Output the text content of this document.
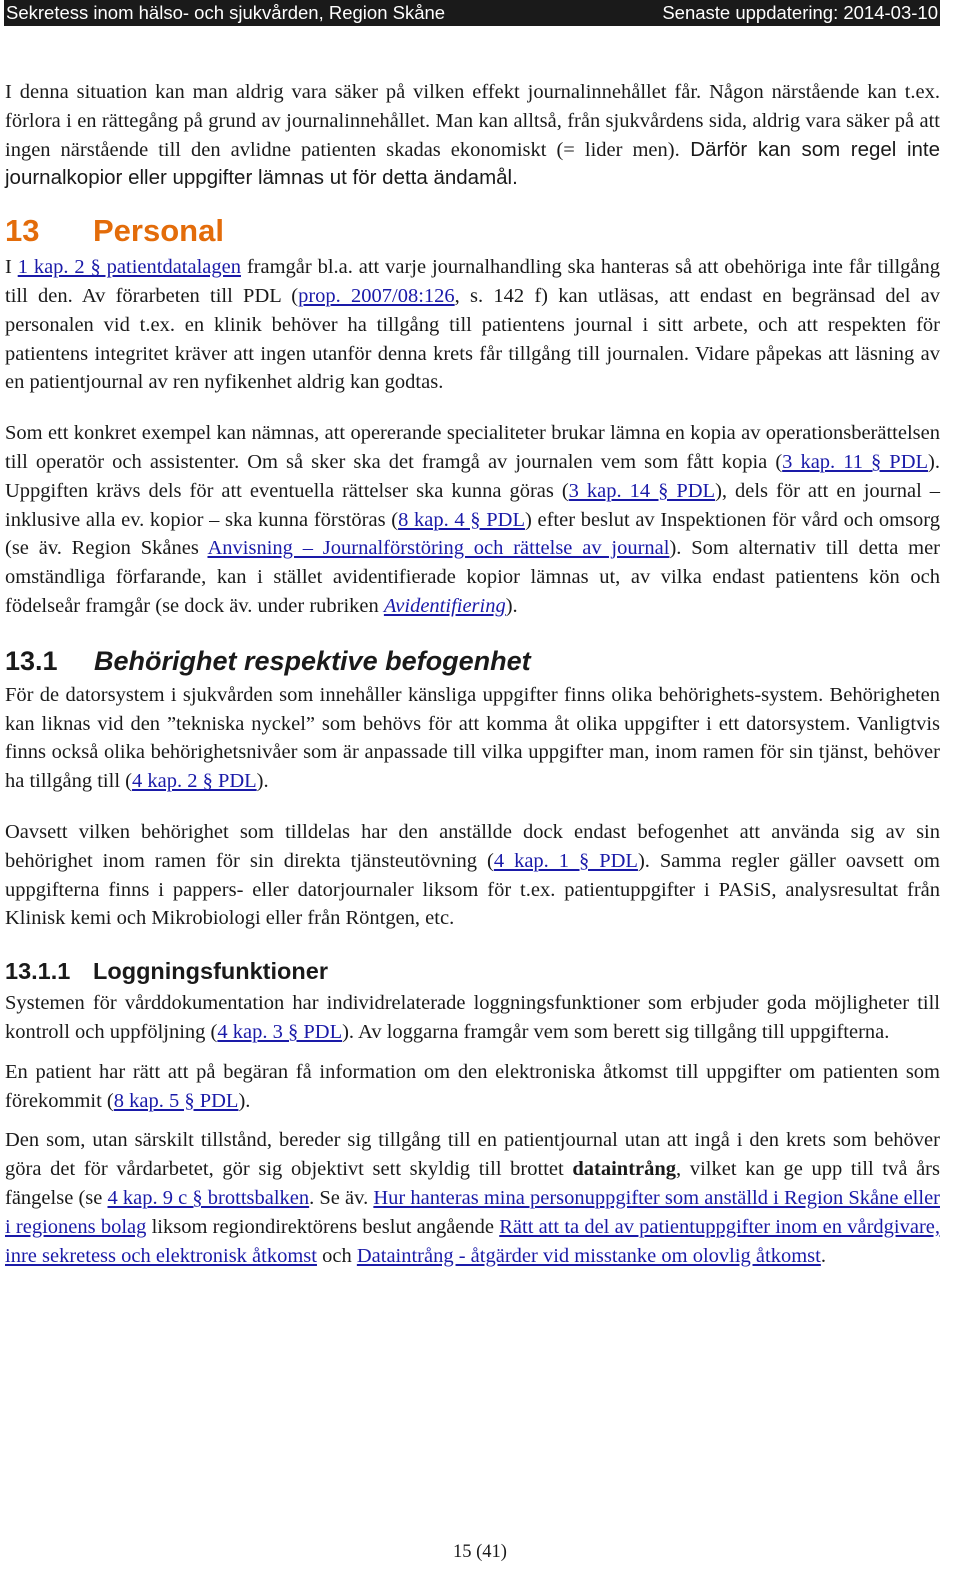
Sekretess inom hälso- och sjukvården, Region Skåne	Senaste uppdatering: 2014-03-10

I denna situation kan man aldrig vara säker på vilken effekt journalinnehållet får. Någon närstående kan t.ex. förlora i en rättegång på grund av journalinnehållet. Man kan alltså, från sjukvårdens sida, aldrig vara säker på att ingen närstående till den avlidne patienten skadas ekonomiskt (= lider men). Därför kan som regel inte journalkopior eller uppgifter lämnas ut för detta ändamål.

13 Personal

I 1 kap. 2 § patientdatalagen framgår bl.a. att varje journalhandling ska hanteras så att obehöriga inte får tillgång till den. Av förarbeten till PDL (prop. 2007/08:126, s. 142 f) kan utläsas, att endast en begränsad del av personalen vid t.ex. en klinik behöver ha tillgång till patientens journal i sitt arbete, och att respekten för patientens integritet kräver att ingen utanför denna krets får tillgång till journalen. Vidare påpekas att läsning av en patientjournal av ren nyfikenhet aldrig kan godtas.

Som ett konkret exempel kan nämnas, att opererande specialiteter brukar lämna en kopia av operationsberättelsen till operatör och assistenter. Om så sker ska det framgå av journalen vem som fått kopia (3 kap. 11 § PDL). Uppgiften krävs dels för att eventuella rättelser ska kunna göras (3 kap. 14 § PDL), dels för att en journal – inklusive alla ev. kopior – ska kunna förstöras (8 kap. 4 § PDL) efter beslut av Inspektionen för vård och omsorg (se äv. Region Skånes Anvisning – Journalförstöring och rättelse av journal). Som alternativ till detta mer omständliga förfarande, kan i stället avidentifierade kopior lämnas ut, av vilka endast patientens kön och födelseår framgår (se dock äv. under rubriken Avidentifiering).

13.1 Behörighet respektive befogenhet

För de datorsystem i sjukvården som innehåller känsliga uppgifter finns olika behörighets-system. Behörigheten kan liknas vid den ”tekniska nyckel” som behövs för att komma åt olika uppgifter i ett datorsystem. Vanligtvis finns också olika behörighetsnivåer som är anpassade till vilka uppgifter man, inom ramen för sin tjänst, behöver ha tillgång till (4 kap. 2 § PDL).

Oavsett vilken behörighet som tilldelas har den anställde dock endast befogenhet att använda sig av sin behörighet inom ramen för sin direkta tjänsteutövning (4 kap. 1 § PDL). Samma regler gäller oavsett om uppgifterna finns i pappers- eller datorjournaler liksom för t.ex. patientuppgifter i PASiS, analysresultat från Klinisk kemi och Mikrobiologi eller från Röntgen, etc.

13.1.1 Loggningsfunktioner

Systemen för vårddokumentation har individrelaterade loggningsfunktioner som erbjuder goda möjligheter till kontroll och uppföljning (4 kap. 3 § PDL). Av loggarna framgår vem som berett sig tillgång till uppgifterna.

En patient har rätt att på begäran få information om den elektroniska åtkomst till uppgifter om patienten som förekommit (8 kap. 5 § PDL).

Den som, utan särskilt tillstånd, bereder sig tillgång till en patientjournal utan att ingå i den krets som behöver göra det för vårdarbetet, gör sig objektivt sett skyldig till brottet dataintrång, vilket kan ge upp till två års fängelse (se 4 kap. 9 c § brottsbalken. Se äv. Hur hanteras mina personuppgifter som anställd i Region Skåne eller i regionens bolag liksom regiondirektörens beslut angående Rätt att ta del av patientuppgifter inom en vårdgivare, inre sekretess och elektronisk åtkomst och Dataintrång - åtgärder vid misstanke om olovlig åtkomst.

15 (41)
